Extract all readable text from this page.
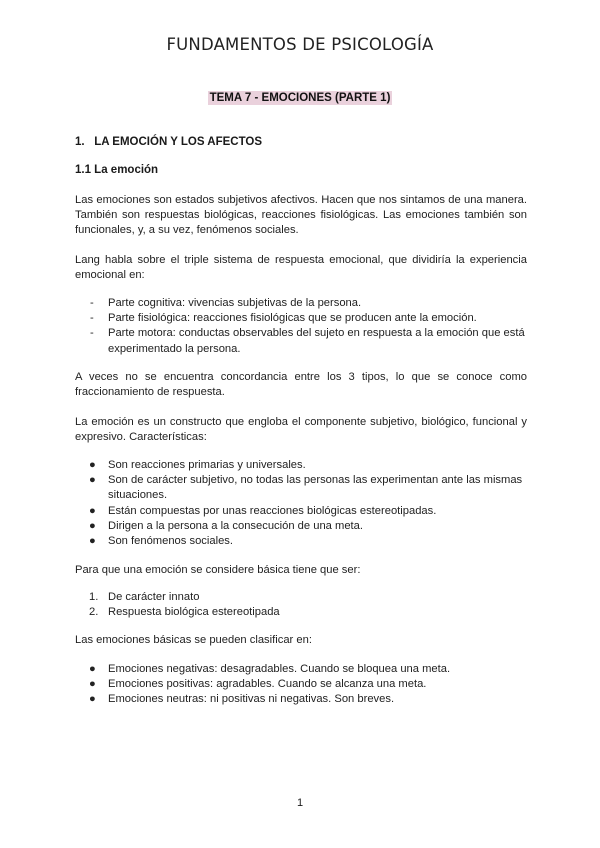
FUNDAMENTOS DE PSICOLOGÍA
TEMA 7 - EMOCIONES (PARTE 1)
1. LA EMOCIÓN Y LOS AFECTOS
1.1 La emoción
Las emociones son estados subjetivos afectivos. Hacen que nos sintamos de una manera. También son respuestas biológicas, reacciones fisiológicas. Las emociones también son funcionales, y, a su vez, fenómenos sociales.
Lang habla sobre el triple sistema de respuesta emocional, que dividiría la experiencia emocional en:
- Parte cognitiva: vivencias subjetivas de la persona.
- Parte fisiológica: reacciones fisiológicas que se producen ante la emoción.
- Parte motora: conductas observables del sujeto en respuesta a la emoción que está experimentado la persona.
A veces no se encuentra concordancia entre los 3 tipos, lo que se conoce como fraccionamiento de respuesta.
La emoción es un constructo que engloba el componente subjetivo, biológico, funcional y expresivo. Características:
● Son reacciones primarias y universales.
● Son de carácter subjetivo, no todas las personas las experimentan ante las mismas situaciones.
● Están compuestas por unas reacciones biológicas estereotipadas.
● Dirigen a la persona a la consecución de una meta.
● Son fenómenos sociales.
Para que una emoción se considere básica tiene que ser:
1. De carácter innato
2. Respuesta biológica estereotipada
Las emociones básicas se pueden clasificar en:
● Emociones negativas: desagradables. Cuando se bloquea una meta.
● Emociones positivas: agradables. Cuando se alcanza una meta.
● Emociones neutras: ni positivas ni negativas. Son breves.
1
